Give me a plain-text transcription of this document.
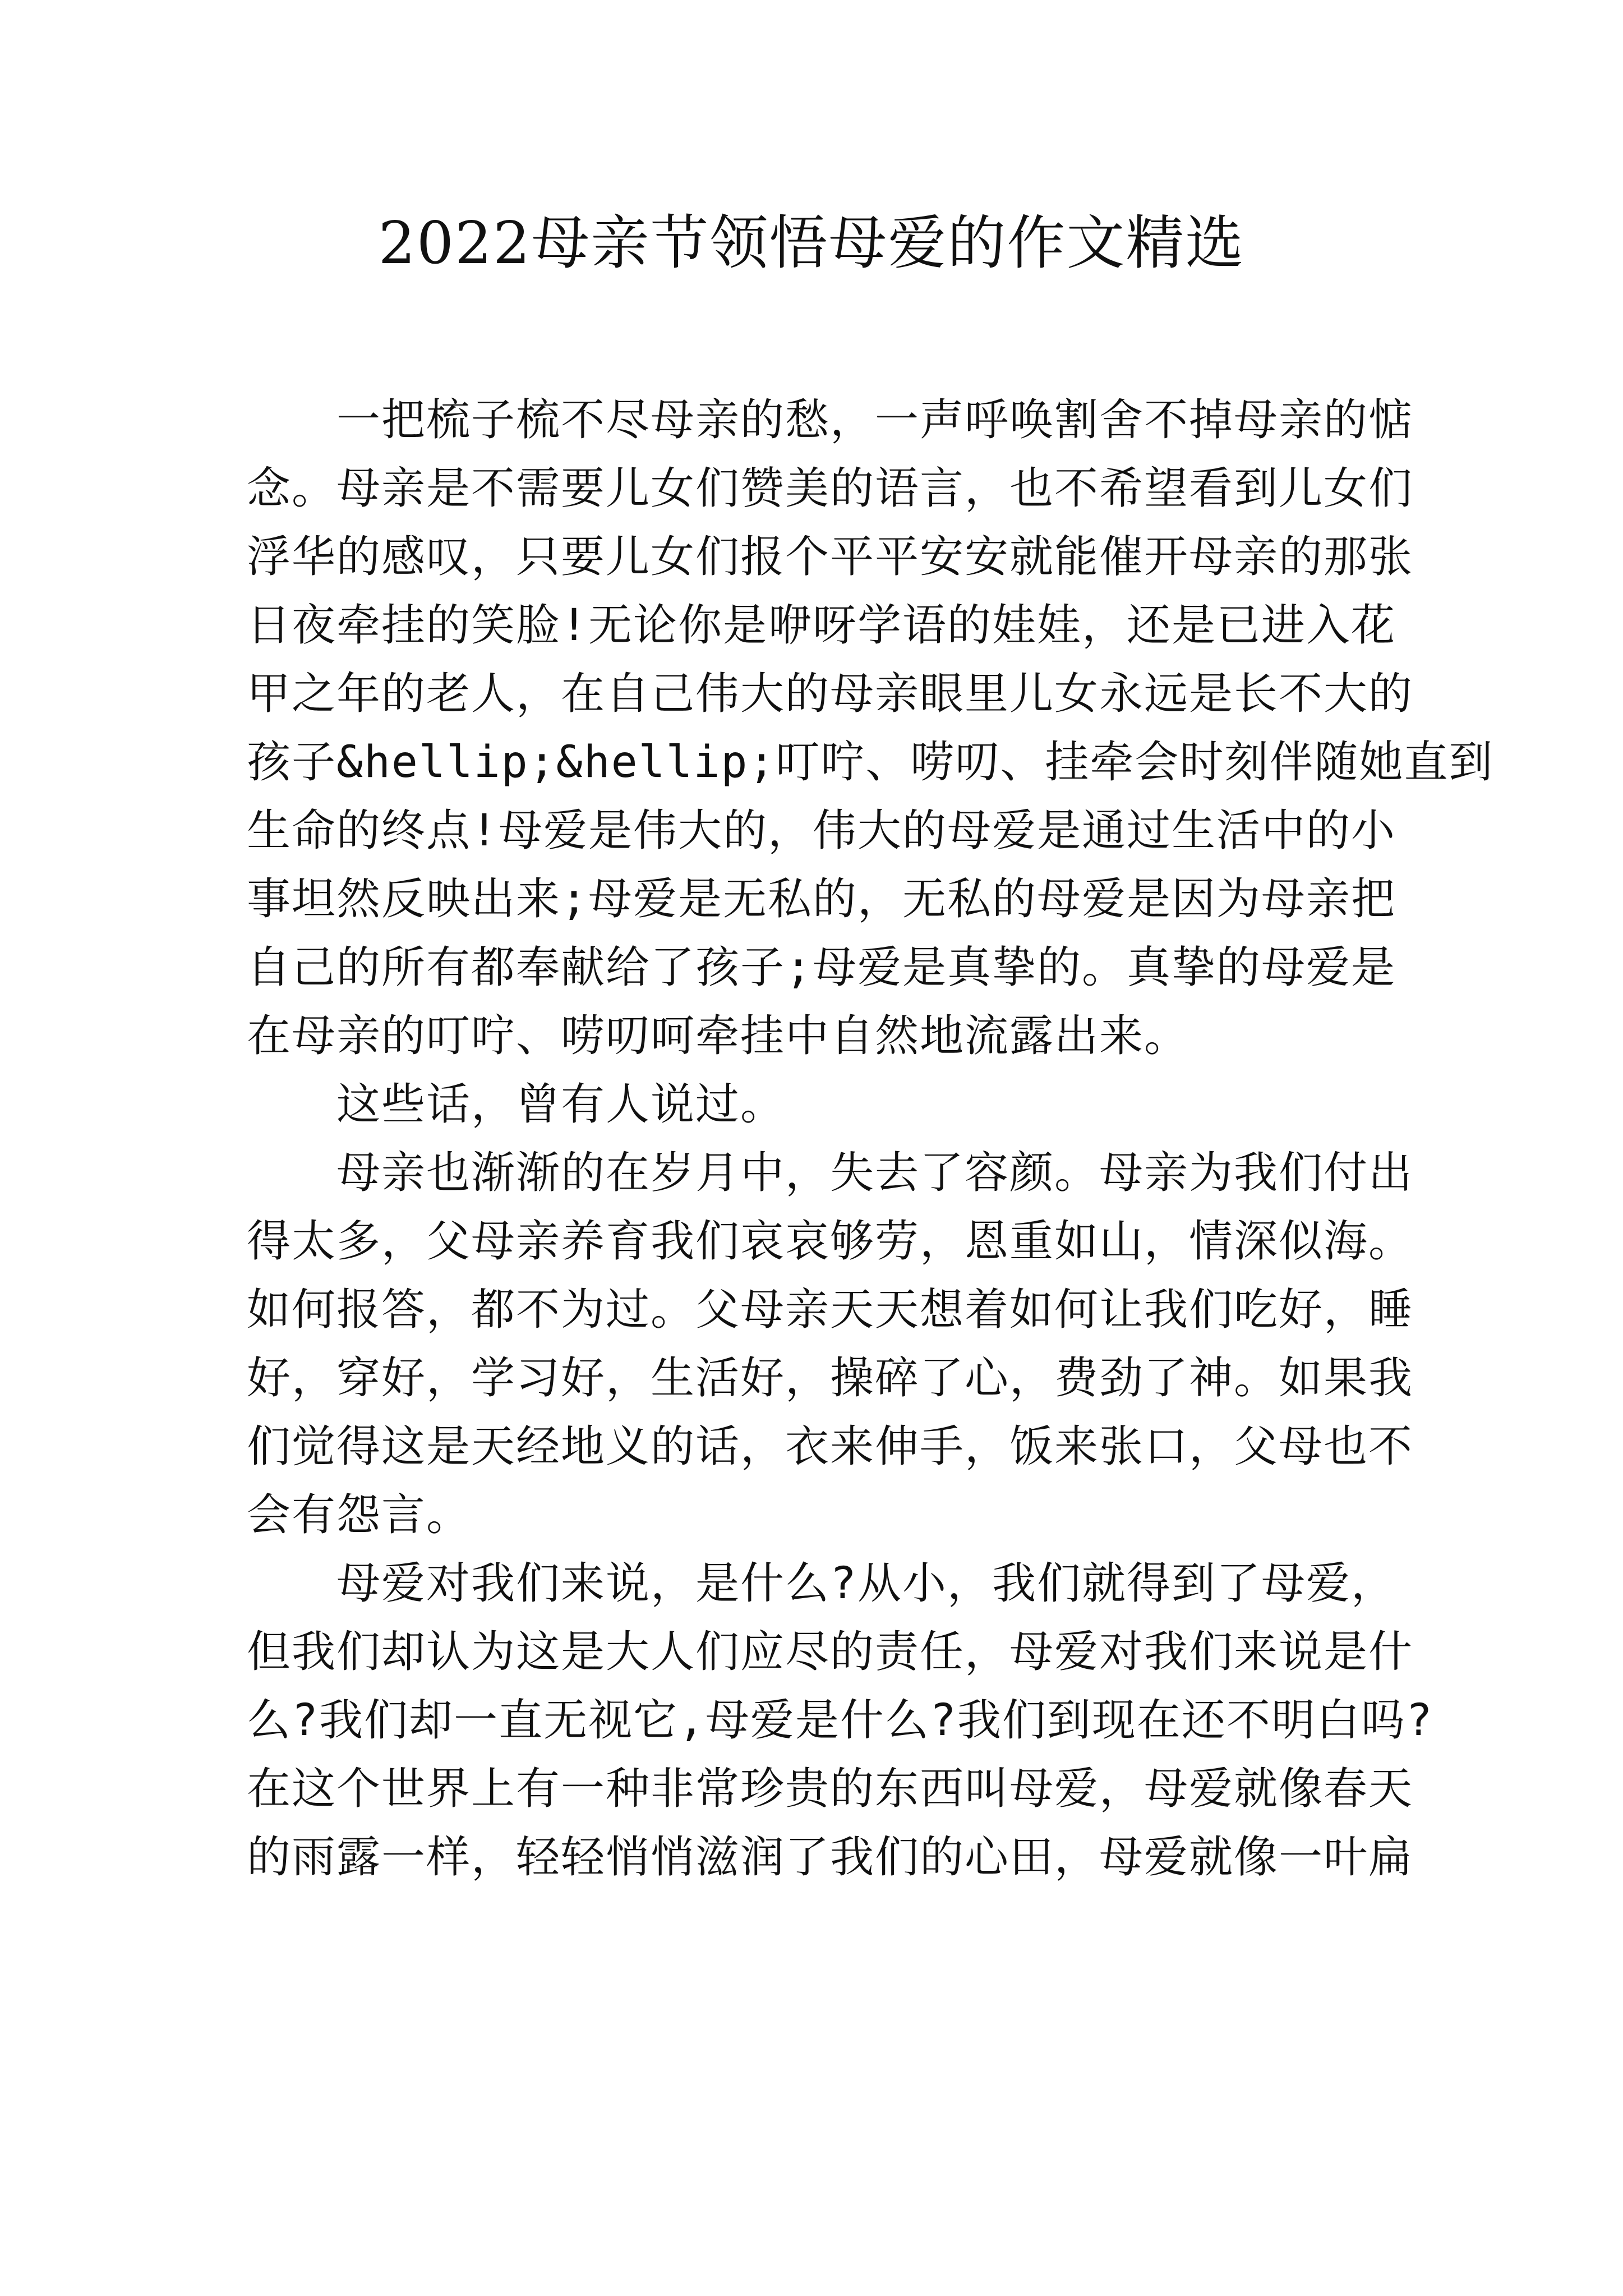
2022母亲节领悟母爱的作文精选
一把梳子梳不尽母亲的愁，一声呼唤割舍不掉母亲的惦
念。母亲是不需要儿女们赞美的语言，也不希望看到儿女们
浮华的感叹，只要儿女们报个平平安安就能催开母亲的那张
日夜牵挂的笑脸!无论你是咿呀学语的娃娃，还是已进入花
甲之年的老人，在自己伟大的母亲眼里儿女永远是长不大的
孩子&hellip;&hellip;叮咛、唠叨、挂牵会时刻伴随她直到
生命的终点!母爱是伟大的，伟大的母爱是通过生活中的小
事坦然反映出来;母爱是无私的，无私的母爱是因为母亲把
自己的所有都奉献给了孩子;母爱是真挚的。真挚的母爱是
在母亲的叮咛、唠叨呵牵挂中自然地流露出来。
这些话，曾有人说过。
母亲也渐渐的在岁月中，失去了容颜。母亲为我们付出
得太多，父母亲养育我们哀哀够劳，恩重如山，情深似海。
如何报答，都不为过。父母亲天天想着如何让我们吃好，睡
好，穿好，学习好，生活好，操碎了心，费劲了神。如果我
们觉得这是天经地义的话，衣来伸手，饭来张口，父母也不
会有怨言。
母爱对我们来说，是什么?从小，我们就得到了母爱，
但我们却认为这是大人们应尽的责任，母爱对我们来说是什
么?我们却一直无视它,母爱是什么?我们到现在还不明白吗?
在这个世界上有一种非常珍贵的东西叫母爱，母爱就像春天
的雨露一样，轻轻悄悄滋润了我们的心田，母爱就像一叶扁
